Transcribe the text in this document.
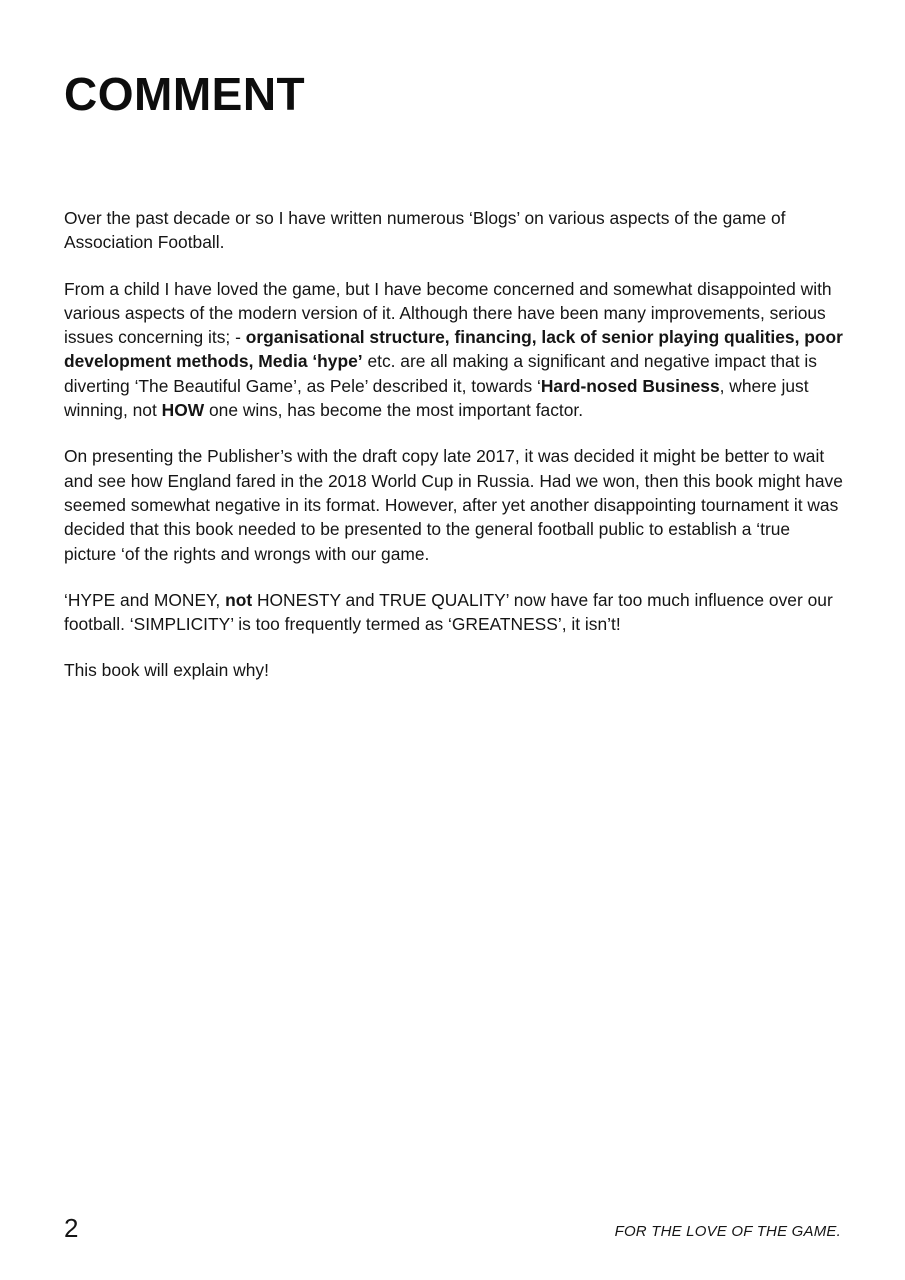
COMMENT

Over the past decade or so I have written numerous ‘Blogs’ on various aspects of the game of Association Football.

From a child I have loved the game, but I have become concerned and somewhat disappointed with various aspects of the modern version of it. Although there have been many improvements, serious issues concerning its; - organisational structure, financing, lack of senior playing qualities, poor development methods, Media ‘hype’ etc. are all making a significant and negative impact that is diverting ‘The Beautiful Game’, as Pele’ described it, towards ‘Hard-nosed Business, where just winning, not HOW one wins, has become the most important factor.

On presenting the Publisher’s with the draft copy late 2017, it was decided it might be better to wait and see how England fared in the 2018 World Cup in Russia. Had we won, then this book might have seemed somewhat negative in its format. However, after yet another disappointing tournament it was decided that this book needed to be presented to the general football public to establish a ‘true picture ‘of the rights and wrongs with our game.

‘HYPE and MONEY, not HONESTY and TRUE QUALITY’ now have far too much influence over our football. ‘SIMPLICITY’ is too frequently termed as ‘GREATNESS’, it isn’t!

This book will explain why!

2	FOR THE LOVE OF THE GAME.
